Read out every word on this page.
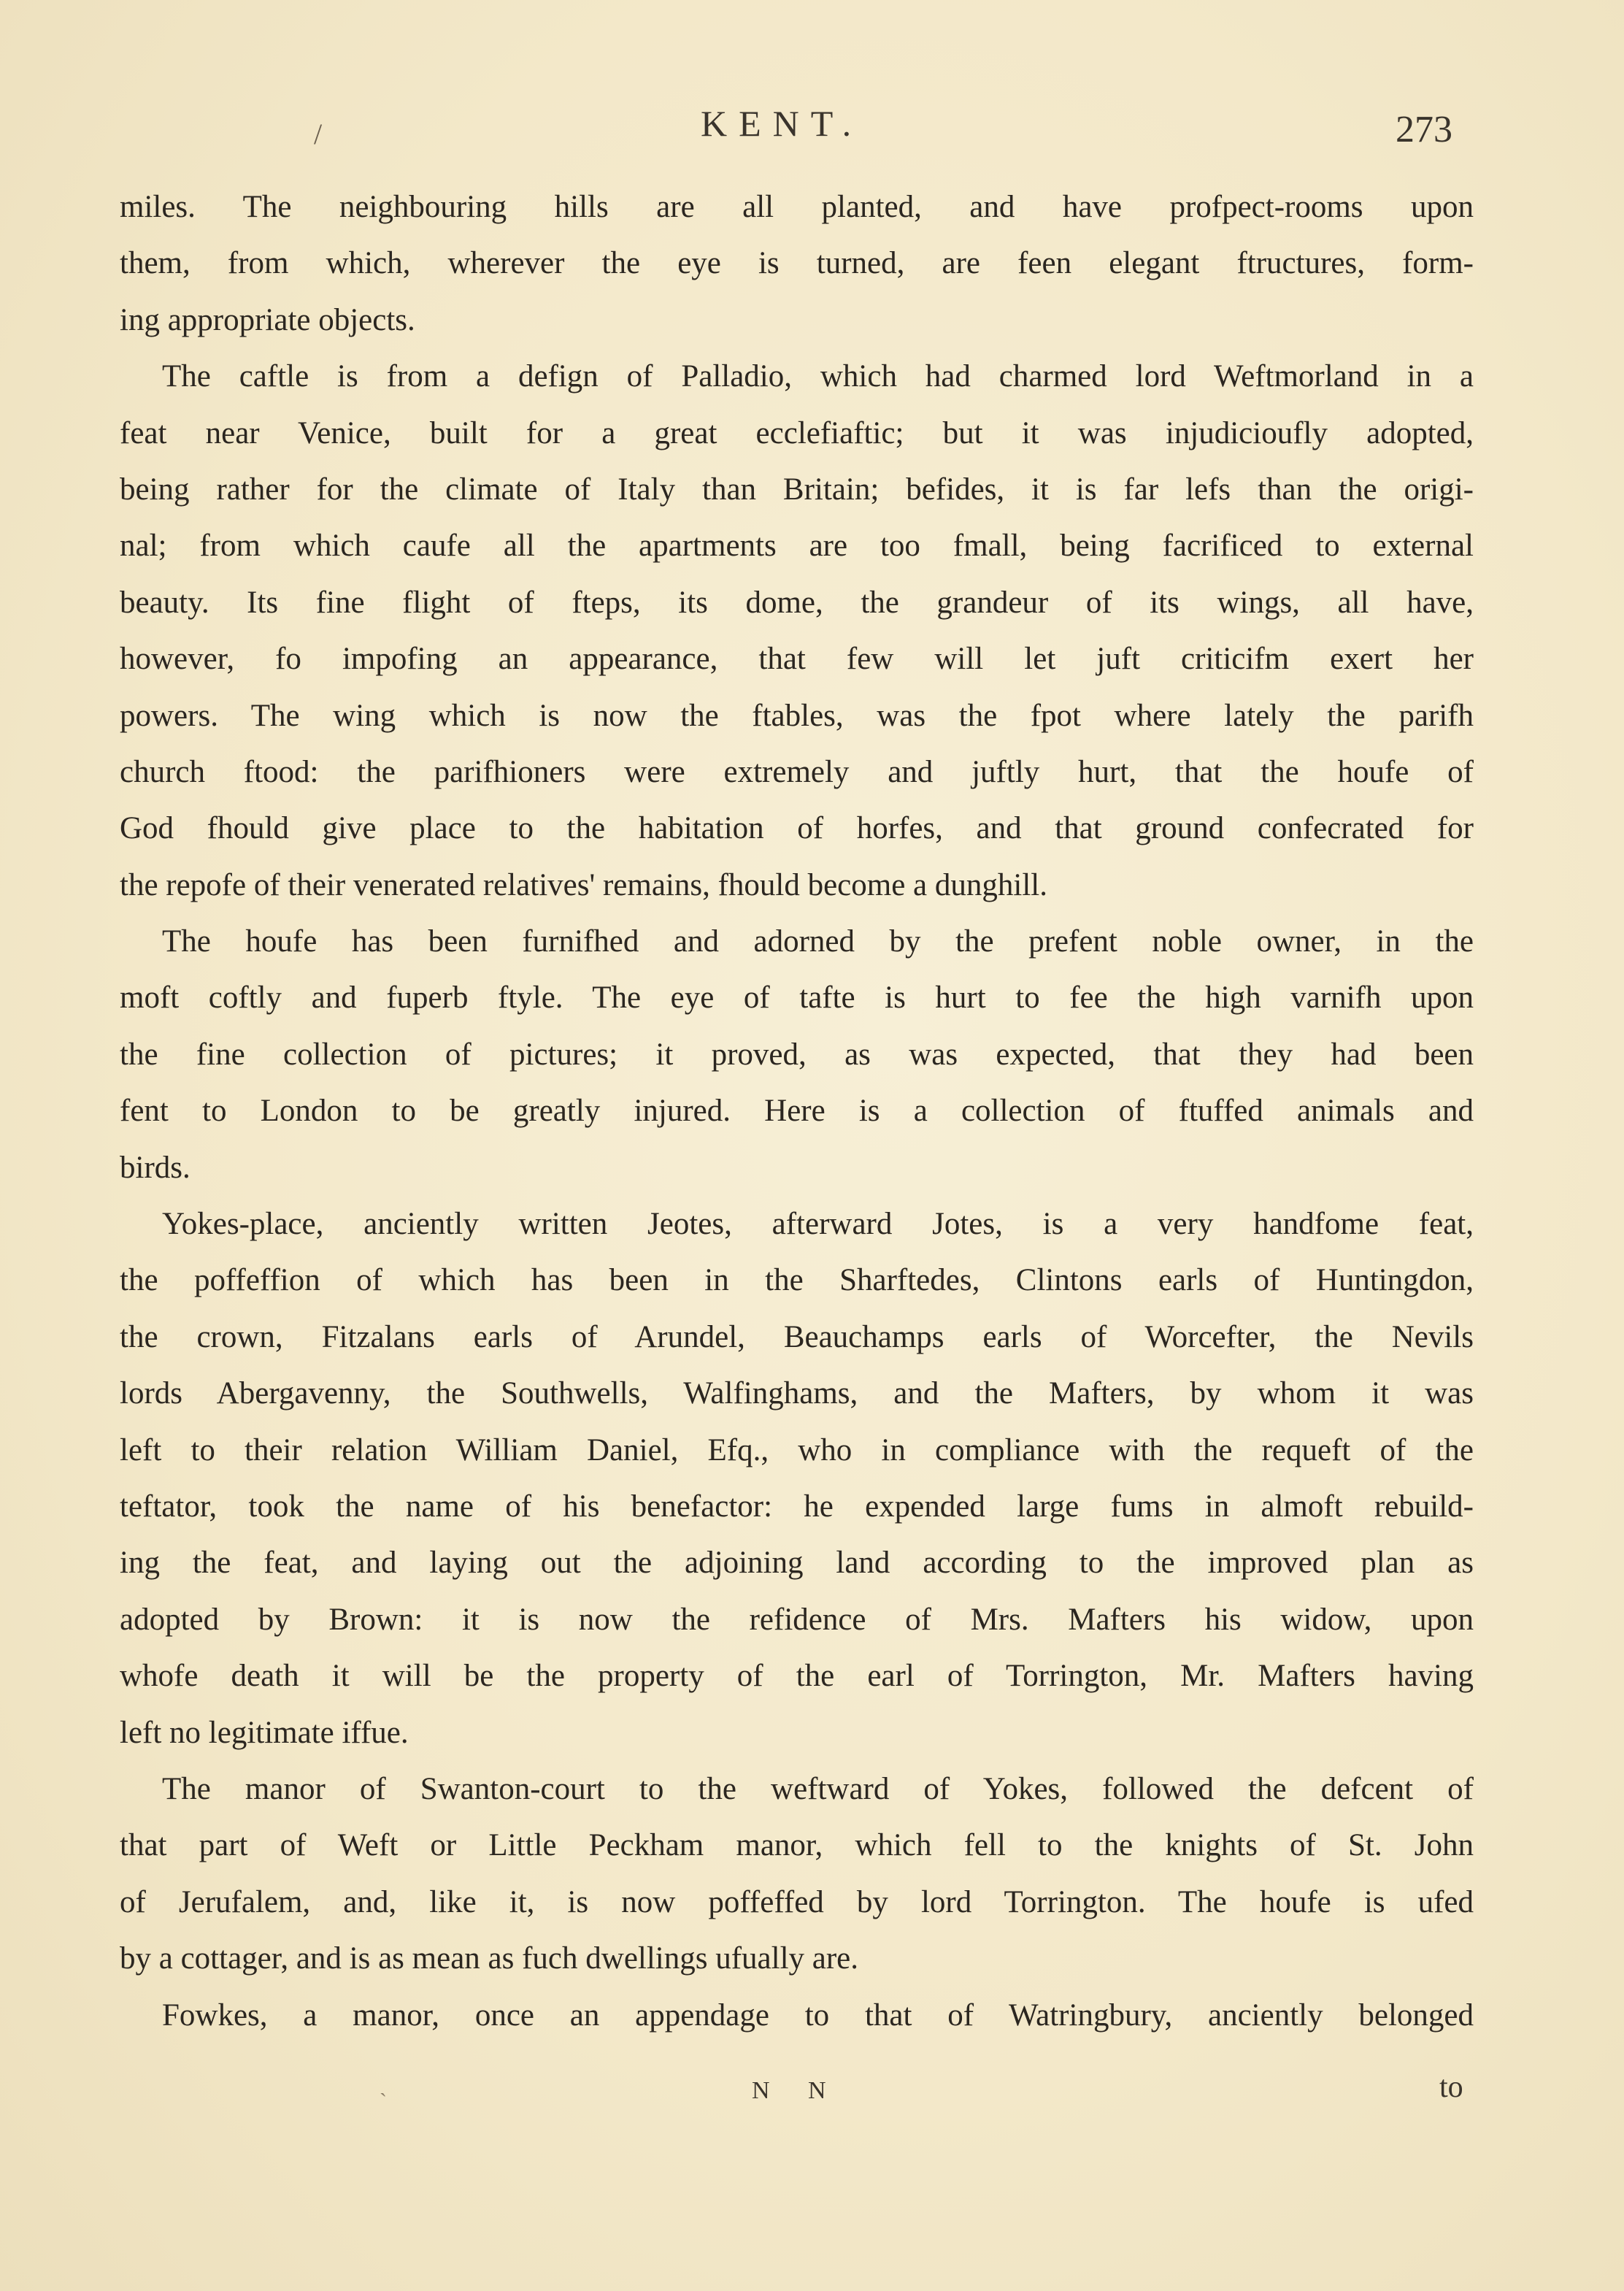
/	KENT.	273
miles. The neighbouring hills are all planted, and have profpect-rooms upon
them, from which, wherever the eye is turned, are feen elegant ftructures, form-
ing appropriate objects.
The caftle is from a defign of Palladio, which had charmed lord Weftmorland in a
feat near Venice, built for a great ecclefiaftic; but it was injudicioufly adopted,
being rather for the climate of Italy than Britain; befides, it is far lefs than the origi-
nal; from which caufe all the apartments are too fmall, being facrificed to external
beauty. Its fine flight of fteps, its dome, the grandeur of its wings, all have,
however, fo impofing an appearance, that few will let juft criticifm exert her
powers. The wing which is now the ftables, was the fpot where lately the parifh
church ftood: the parifhioners were extremely and juftly hurt, that the houfe of
God fhould give place to the habitation of horfes, and that ground confecrated for
the repofe of their venerated relatives' remains, fhould become a dunghill.
The houfe has been furnifhed and adorned by the prefent noble owner, in the
moft coftly and fuperb ftyle. The eye of tafte is hurt to fee the high varnifh upon
the fine collection of pictures; it proved, as was expected, that they had been
fent to London to be greatly injured. Here is a collection of ftuffed animals and
birds.
Yokes-place, anciently written Jeotes, afterward Jotes, is a very handfome feat,
the poffeffion of which has been in the Sharftedes, Clintons earls of Huntingdon,
the crown, Fitzalans earls of Arundel, Beauchamps earls of Worcefter, the Nevils
lords Abergavenny, the Southwells, Walfinghams, and the Mafters, by whom it was
left to their relation William Daniel, Efq., who in compliance with the requeft of the
teftator, took the name of his benefactor: he expended large fums in almoft rebuild-
ing the feat, and laying out the adjoining land according to the improved plan as
adopted by Brown: it is now the refidence of Mrs. Mafters his widow, upon
whofe death it will be the property of the earl of Torrington, Mr. Mafters having
left no legitimate iffue.
The manor of Swanton-court to the weftward of Yokes, followed the defcent of
that part of Weft or Little Peckham manor, which fell to the knights of St. John
of Jerufalem, and, like it, is now poffeffed by lord Torrington. The houfe is ufed
by a cottager, and is as mean as fuch dwellings ufually are.
Fowkes, a manor, once an appendage to that of Watringbury, anciently belonged
ˎ	N N	to
